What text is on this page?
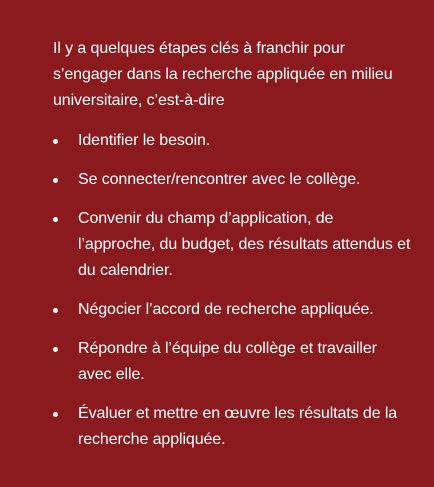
Il y a quelques étapes clés à franchir pour s’engager dans la recherche appliquée en milieu universitaire, c’est-à-dire

Identifier le besoin.
Se connecter/rencontrer avec le collège.
Convenir du champ d’application, de l’approche, du budget, des résultats attendus et du calendrier.
Négocier l’accord de recherche appliquée.
Répondre à l’équipe du collège et travailler avec elle.
Évaluer et mettre en œuvre les résultats de la recherche appliquée.
